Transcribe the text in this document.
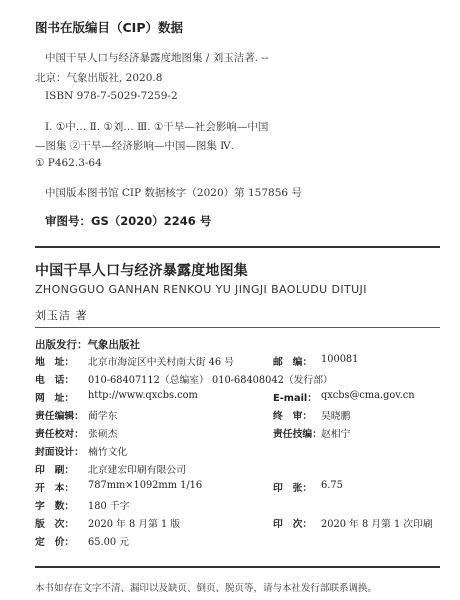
图书在版编目（CIP）数据
中国干旱人口与经济暴露度地图集 / 刘玉洁著. --
北京：气象出版社, 2020.8
ISBN 978-7-5029-7259-2
Ⅰ. ①中… Ⅱ. ①刘… Ⅲ. ①干旱—社会影响—中国
—图集 ②干旱—经济影响—中国—图集 Ⅳ.
① P462.3-64
中国版本图书馆 CIP 数据核字（2020）第 157856 号
审图号：GS（2020）2246 号
中国干旱人口与经济暴露度地图集
ZHONGGUO GANHAN RENKOU YU JINGJI BAOLUDU DITUJI
刘玉洁 著
出版发行：气象出版社
地　址： 北京市海淀区中关村南大街 46 号	邮　编： 100081
电　话： 010-68407112（总编室） 010-68408042（发行部）
网　址： http://www.qxcbs.com	E-mail： qxcbs@cma.gov.cn
责任编辑： 蔺学东	终　审： 吴晓鹏
责任校对： 张硕杰	责任技编： 赵相宁
封面设计： 楠竹文化
印　刷： 北京建宏印刷有限公司
开　本： 787mm×1092mm 1/16	印　张： 6.75
字　数： 180 千字
版　次： 2020 年 8 月第 1 版	印　次： 2020 年 8 月第 1 次印刷
定　价： 65.00 元
本书如存在文字不清、漏印以及缺页、倒页、脱页等，请与本社发行部联系调换。
